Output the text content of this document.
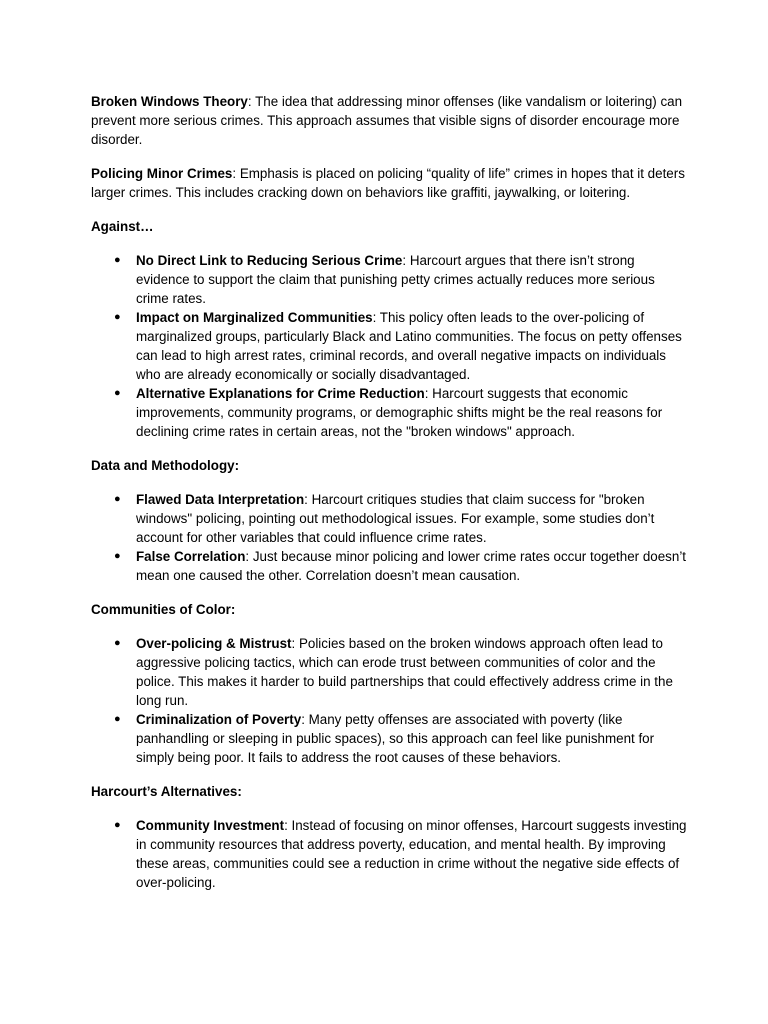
Broken Windows Theory: The idea that addressing minor offenses (like vandalism or loitering) can prevent more serious crimes. This approach assumes that visible signs of disorder encourage more disorder.

Policing Minor Crimes: Emphasis is placed on policing “quality of life” crimes in hopes that it deters larger crimes. This includes cracking down on behaviors like graffiti, jaywalking, or loitering.

Against…

● No Direct Link to Reducing Serious Crime: Harcourt argues that there isn’t strong evidence to support the claim that punishing petty crimes actually reduces more serious crime rates.
● Impact on Marginalized Communities: This policy often leads to the over-policing of marginalized groups, particularly Black and Latino communities. The focus on petty offenses can lead to high arrest rates, criminal records, and overall negative impacts on individuals who are already economically or socially disadvantaged.
● Alternative Explanations for Crime Reduction: Harcourt suggests that economic improvements, community programs, or demographic shifts might be the real reasons for declining crime rates in certain areas, not the "broken windows" approach.

Data and Methodology:

● Flawed Data Interpretation: Harcourt critiques studies that claim success for "broken windows" policing, pointing out methodological issues. For example, some studies don’t account for other variables that could influence crime rates.
● False Correlation: Just because minor policing and lower crime rates occur together doesn’t mean one caused the other. Correlation doesn’t mean causation.

Communities of Color:

● Over-policing & Mistrust: Policies based on the broken windows approach often lead to aggressive policing tactics, which can erode trust between communities of color and the police. This makes it harder to build partnerships that could effectively address crime in the long run.
● Criminalization of Poverty: Many petty offenses are associated with poverty (like panhandling or sleeping in public spaces), so this approach can feel like punishment for simply being poor. It fails to address the root causes of these behaviors.

Harcourt’s Alternatives:

● Community Investment: Instead of focusing on minor offenses, Harcourt suggests investing in community resources that address poverty, education, and mental health. By improving these areas, communities could see a reduction in crime without the negative side effects of over-policing.
